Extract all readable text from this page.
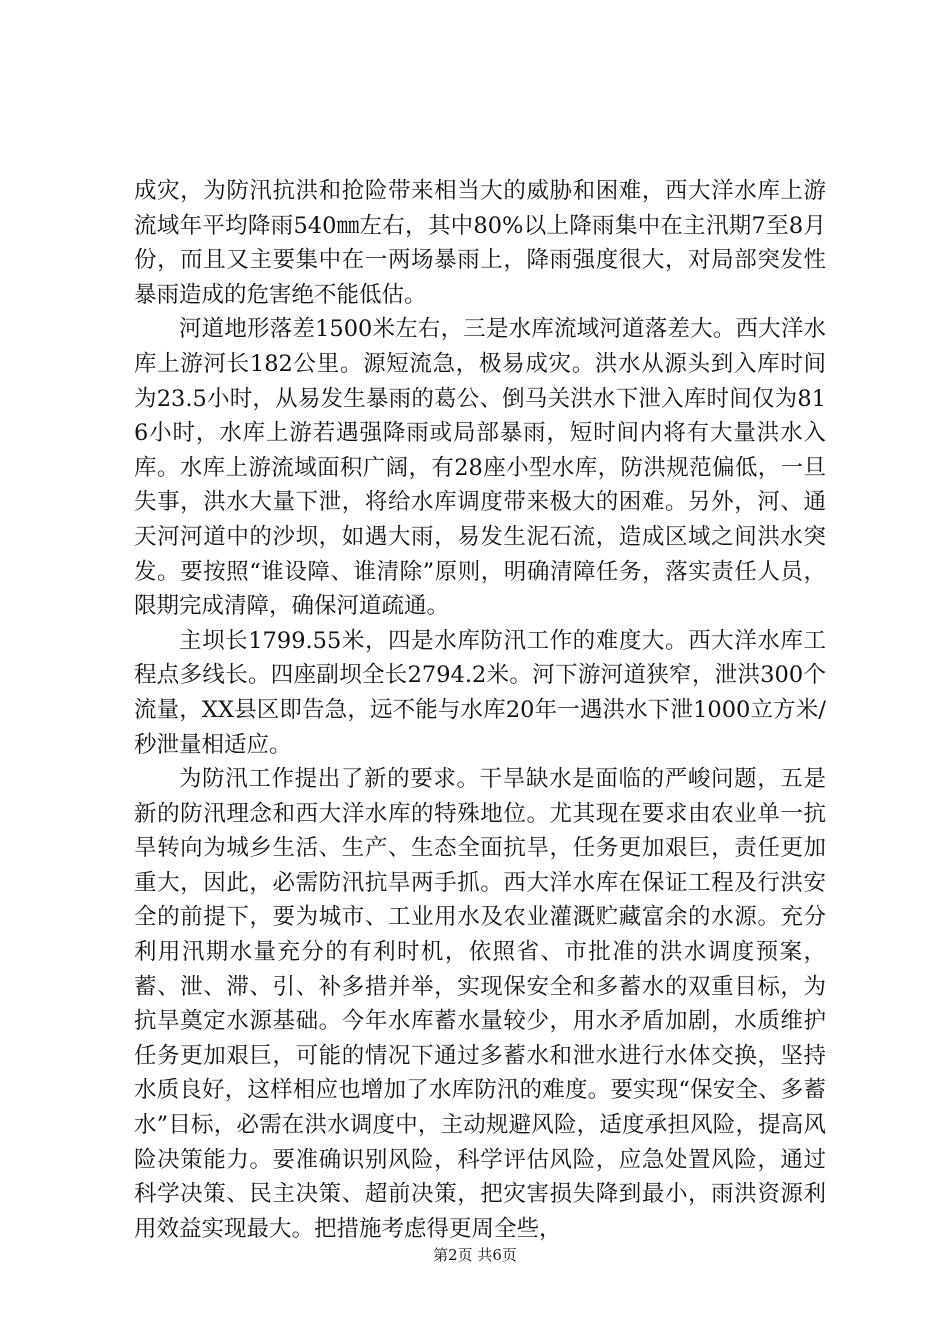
成灾，为防汛抗洪和抢险带来相当大的威胁和困难，西大洋水库上游流域年平均降雨540㎜左右，其中80%以上降雨集中在主汛期7至8月份，而且又主要集中在一两场暴雨上，降雨强度很大，对局部突发性暴雨造成的危害绝不能低估。

河道地形落差1500米左右，三是水库流域河道落差大。西大洋水库上游河长182公里。源短流急，极易成灾。洪水从源头到入库时间为23.5小时，从易发生暴雨的葛公、倒马关洪水下泄入库时间仅为816小时，水库上游若遇强降雨或局部暴雨，短时间内将有大量洪水入库。水库上游流域面积广阔，有28座小型水库，防洪规范偏低，一旦失事，洪水大量下泄，将给水库调度带来极大的困难。另外，河、通天河河道中的沙坝，如遇大雨，易发生泥石流，造成区域之间洪水突发。要按照“谁设障、谁清除”原则，明确清障任务，落实责任人员，限期完成清障，确保河道疏通。

主坝长1799.55米，四是水库防汛工作的难度大。西大洋水库工程点多线长。四座副坝全长2794.2米。河下游河道狭窄，泄洪300个流量，XX县区即告急，远不能与水库20年一遇洪水下泄1000立方米/秒泄量相适应。

为防汛工作提出了新的要求。干旱缺水是面临的严峻问题，五是新的防汛理念和西大洋水库的特殊地位。尤其现在要求由农业单一抗旱转向为城乡生活、生产、生态全面抗旱，任务更加艰巨，责任更加重大，因此，必需防汛抗旱两手抓。西大洋水库在保证工程及行洪安全的前提下，要为城市、工业用水及农业灌溉贮藏富余的水源。充分利用汛期水量充分的有利时机，依照省、市批准的洪水调度预案，蓄、泄、滞、引、补多措并举，实现保安全和多蓄水的双重目标，为抗旱奠定水源基础。今年水库蓄水量较少，用水矛盾加剧，水质维护任务更加艰巨，可能的情况下通过多蓄水和泄水进行水体交换，坚持水质良好，这样相应也增加了水库防汛的难度。要实现“保安全、多蓄水”目标，必需在洪水调度中，主动规避风险，适度承担风险，提高风险决策能力。要准确识别风险，科学评估风险，应急处置风险，通过科学决策、民主决策、超前决策，把灾害损失降到最小，雨洪资源利用效益实现最大。把措施考虑得更周全些，

第2页 共6页
